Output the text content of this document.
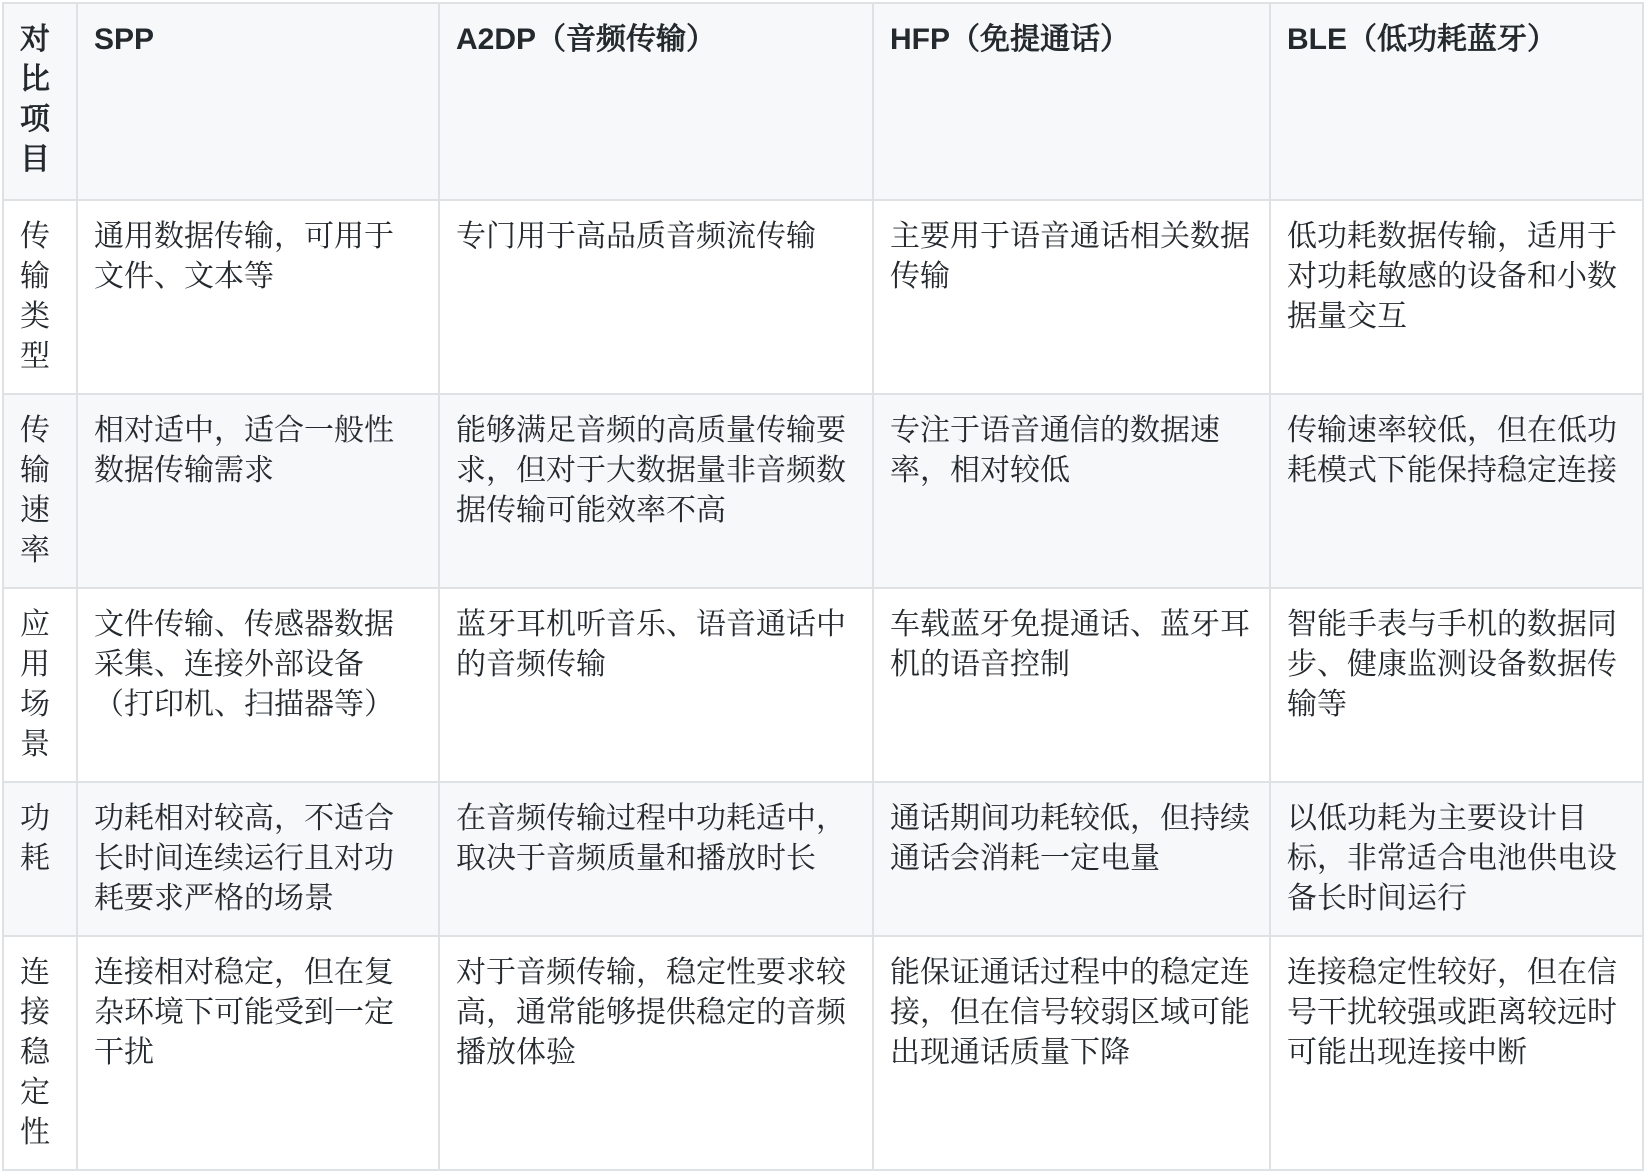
对比项目	SPP	A2DP（音频传输）	HFP（免提通话）	BLE（低功耗蓝牙）
传输类型	通用数据传输，可用于文件、文本等	专门用于高品质音频流传输	主要用于语音通话相关数据传输	低功耗数据传输，适用于对功耗敏感的设备和小数据量交互
传输速率	相对适中，适合一般性数据传输需求	能够满足音频的高质量传输要求，但对于大数据量非音频数据传输可能效率不高	专注于语音通信的数据速率，相对较低	传输速率较低，但在低功耗模式下能保持稳定连接
应用场景	文件传输、传感器数据采集、连接外部设备（打印机、扫描器等）	蓝牙耳机听音乐、语音通话中的音频传输	车载蓝牙免提通话、蓝牙耳机的语音控制	智能手表与手机的数据同步、健康监测设备数据传输等
功耗	功耗相对较高，不适合长时间连续运行且对功耗要求严格的场景	在音频传输过程中功耗适中，取决于音频质量和播放时长	通话期间功耗较低，但持续通话会消耗一定电量	以低功耗为主要设计目标，非常适合电池供电设备长时间运行
连接稳定性	连接相对稳定，但在复杂环境下可能受到一定干扰	对于音频传输，稳定性要求较高，通常能够提供稳定的音频播放体验	能保证通话过程中的稳定连接，但在信号较弱区域可能出现通话质量下降	连接稳定性较好，但在信号干扰较强或距离较远时可能出现连接中断
